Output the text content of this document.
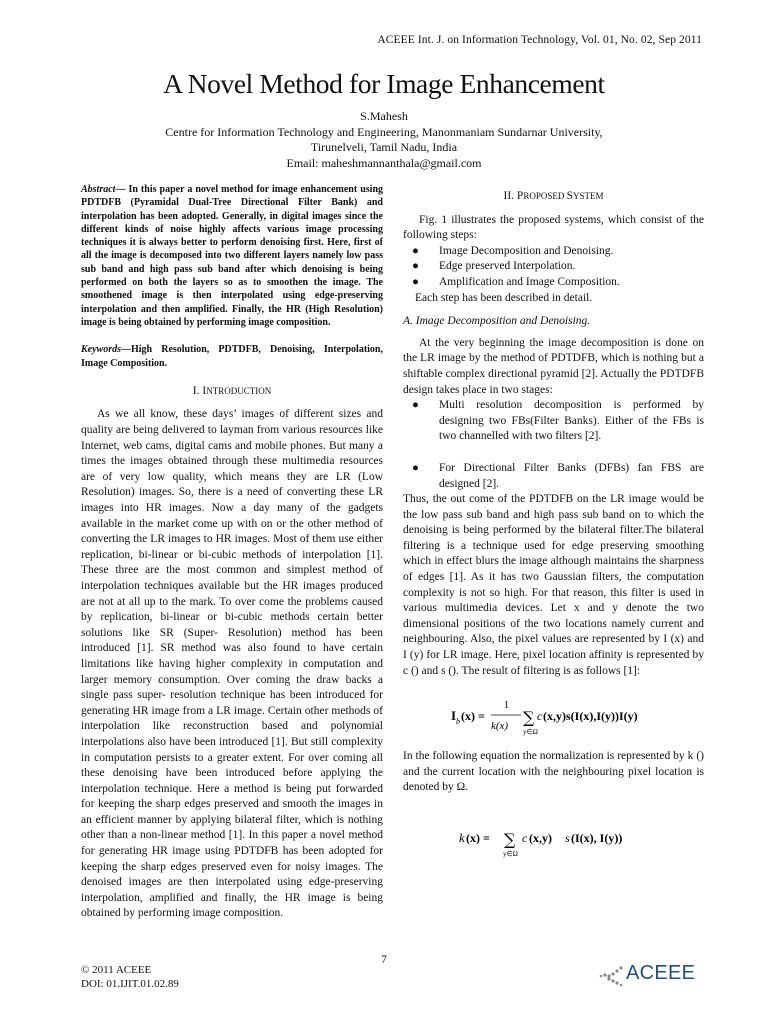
ACEEE Int. J. on Information Technology, Vol. 01, No. 02, Sep 2011
A Novel Method for Image Enhancement
S.Mahesh
Centre for Information Technology and Engineering, Manonmaniam Sundarnar University,
Tirunelveli, Tamil Nadu, India
Email: maheshmannanthala@gmail.com

Abstract— In this paper a novel method for image enhancement using PDTDFB (Pyramidal Dual-Tree Directional Filter Bank) and interpolation has been adopted. Generally, in digital images since the different kinds of noise highly affects various image processing techniques it is always better to perform denoising first. Here, first of all the image is decomposed into two different layers namely low pass sub band and high pass sub band after which denoising is being performed on both the layers so as to smoothen the image. The smoothened image is then interpolated using edge-preserving interpolation and then amplified. Finally, the HR (High Resolution) image is being obtained by performing image composition.

Keywords—High Resolution, PDTDFB, Denoising, Interpolation, Image Composition.

I. INTRODUCTION

As we all know, these days’ images of different sizes and quality are being delivered to layman from various resources like Internet, web cams, digital cams and mobile phones. But many a times the images obtained through these multimedia resources are of very low quality, which means they are LR (Low Resolution) images. So, there is a need of converting these LR images into HR images. Now a day many of the gadgets available in the market come up with on or the other method of converting the LR images to HR images. Most of them use either replication, bi-linear or bi-cubic methods of interpolation [1]. These three are the most common and simplest method of interpolation techniques available but the HR images produced are not at all up to the mark. To over come the problems caused by replication, bi-linear or bi-cubic methods certain better solutions like SR (Super- Resolution) method has been introduced [1]. SR method was also found to have certain limitations like having higher complexity in computation and larger memory consumption. Over coming the draw backs a single pass super- resolution technique has been introduced for generating HR image from a LR image. Certain other methods of interpolation like reconstruction based and polynomial interpolations also have been introduced [1]. But still complexity in computation persists to a greater extent. For over coming all these denoising have been introduced before applying the interpolation technique. Here a method is being put forwarded for keeping the sharp edges preserved and smooth the images in an efficient manner by applying bilateral filter, which is nothing other than a non-linear method [1]. In this paper a novel method for generating HR image using PDTDFB has been adopted for keeping the sharp edges preserved even for noisy images. The denoised images are then interpolated using edge-preserving interpolation, amplified and finally, the HR image is being obtained by performing image composition.

II. PROPOSED SYSTEM

Fig. 1 illustrates the proposed systems, which consist of the following steps:

● Image Decomposition and Denoising.
● Edge preserved Interpolation.
● Amplification and Image Composition.

Each step has been described in detail.

A. Image Decomposition and Denoising.

At the very beginning the image decomposition is done on the LR image by the method of PDTDFB, which is nothing but a shiftable complex directional pyramid [2]. Actually the PDTDFB design takes place in two stages:

● Multi resolution decomposition is performed by designing two FBs(Filter Banks). Either of the FBs is two channelled with two filters [2].
● For Directional Filter Banks (DFBs) fan FBS are designed [2].

Thus, the out come of the PDTDFB on the LR image would be the low pass sub band and high pass sub band on to which the denoising is being performed by the bilateral filter.The bilateral filtering is a technique used for edge preserving smoothing which in effect blurs the image although maintains the sharpness of edges [1]. As it has two Gaussian filters, the computation complexity is not so high. For that reason, this filter is used in various multimedia devices. Let x and y denote the two dimensional positions of the two locations namely current and neighbouring. Also, the pixel values are represented by I (x) and I (y) for LR image. Here, pixel location affinity is represented by c () and s (). The result of filtering is as follows [1]:

I b (x) =
1
k(x) ∑
y∈Ω
c (x,y)s(I(x),I(y))I(y)

In the following equation the normalization is represented by k () and the current location with the neighbouring pixel location is denoted by Ω.

k (x) = ∑
y∈Ω
c (x,y) s (I(x), I(y))
7
© 2011 ACEEE
DOI: 01.IJIT.01.02.89	ACEEE
